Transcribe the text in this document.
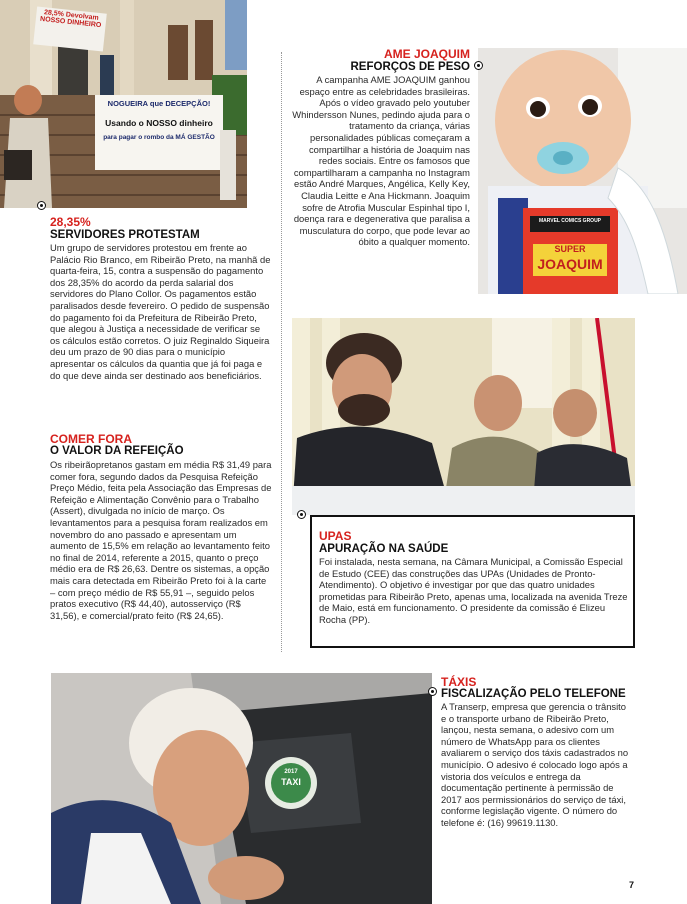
28,5% Devolvam NOSSO DINHEIRO
NOGUEIRA que DECEPÇÃO!
Usando o NOSSO dinheiro
para pagar o rombo da MÁ GESTÃO
28,35%
SERVIDORES PROTESTAM
Um grupo de servidores protestou em frente ao Palácio Rio Branco, em Ribeirão Preto, na manhã de quarta-feira, 15, contra a suspensão do pagamento dos 28,35% do acordo da perda salarial dos servidores do Plano Collor. Os pagamentos estão paralisados desde fevereiro. O pedido de suspensão do pagamento foi da Prefeitura de Ribeirão Preto, que alegou à Justiça a necessidade de verificar se os cálculos estão corretos. O juiz Reginaldo Siqueira deu um prazo de 90 dias para o município apresentar os cálculos da quantia que já foi paga e do que deve ainda ser destinado aos beneficiários.
COMER FORA
O VALOR DA REFEIÇÃO
Os ribeirãopretanos gastam em média R$ 31,49 para comer fora, segundo dados da Pesquisa Refeição Preço Médio, feita pela Associação das Empresas de Refeição e Alimentação Convênio para o Trabalho (Assert), divulgada no início de março. Os levantamentos para a pesquisa foram realizados em novembro do ano passado e apresentam um aumento de 15,5% em relação ao levantamento feito no final de 2014, referente a 2015, quanto o preço médio era de R$ 26,63. Dentre os sistemas, a opção mais cara detectada em Ribeirão Preto foi à la carte – com preço médio de R$ 55,91 –, seguido pelos pratos executivo (R$ 44,40), autosserviço (R$ 31,56), e comercial/prato feito (R$ 24,65).
AME JOAQUIM
REFORÇOS DE PESO
A campanha AME JOAQUIM ganhou espaço entre as celebridades brasileiras. Após o vídeo gravado pelo youtuber Whindersson Nunes, pedindo ajuda para o tratamento da criança, várias personalidades públicas começaram a compartilhar a história de Joaquim nas redes sociais. Entre os famosos que compartilharam a campanha no Instagram estão André Marques, Angélica, Kelly Key, Claudia Leitte e Ana Hickmann. Joaquim sofre de Atrofia Muscular Espinhal tipo I, doença rara e degenerativa que paralisa a musculatura do corpo, que pode levar ao óbito a qualquer momento.
MARVEL COMICS GROUP
SUPER
JOAQUIM
UPAS
APURAÇÃO NA SAÚDE
Foi instalada, nesta semana, na Câmara Municipal, a Comissão Especial de Estudo (CEE) das construções das UPAs (Unidades de Pronto-Atendimento). O objetivo é investigar por que das quatro unidades prometidas para Ribeirão Preto, apenas uma, localizada na avenida Treze de Maio, está em funcionamento. O presidente da comissão é Elizeu Rocha (PP).
2017
TAXI
TÁXIS
FISCALIZAÇÃO PELO TELEFONE
A Transerp, empresa que gerencia o trânsito e o transporte urbano de Ribeirão Preto, lançou, nesta semana, o adesivo com um número de WhatsApp para os clientes avaliarem o serviço dos táxis cadastrados no município. O adesivo é colocado logo após a vistoria dos veículos e entrega da documentação pertinente à permissão de 2017 aos permissionários do serviço de táxi, conforme legislação vigente. O número do telefone é: (16) 99619.1130.
7
